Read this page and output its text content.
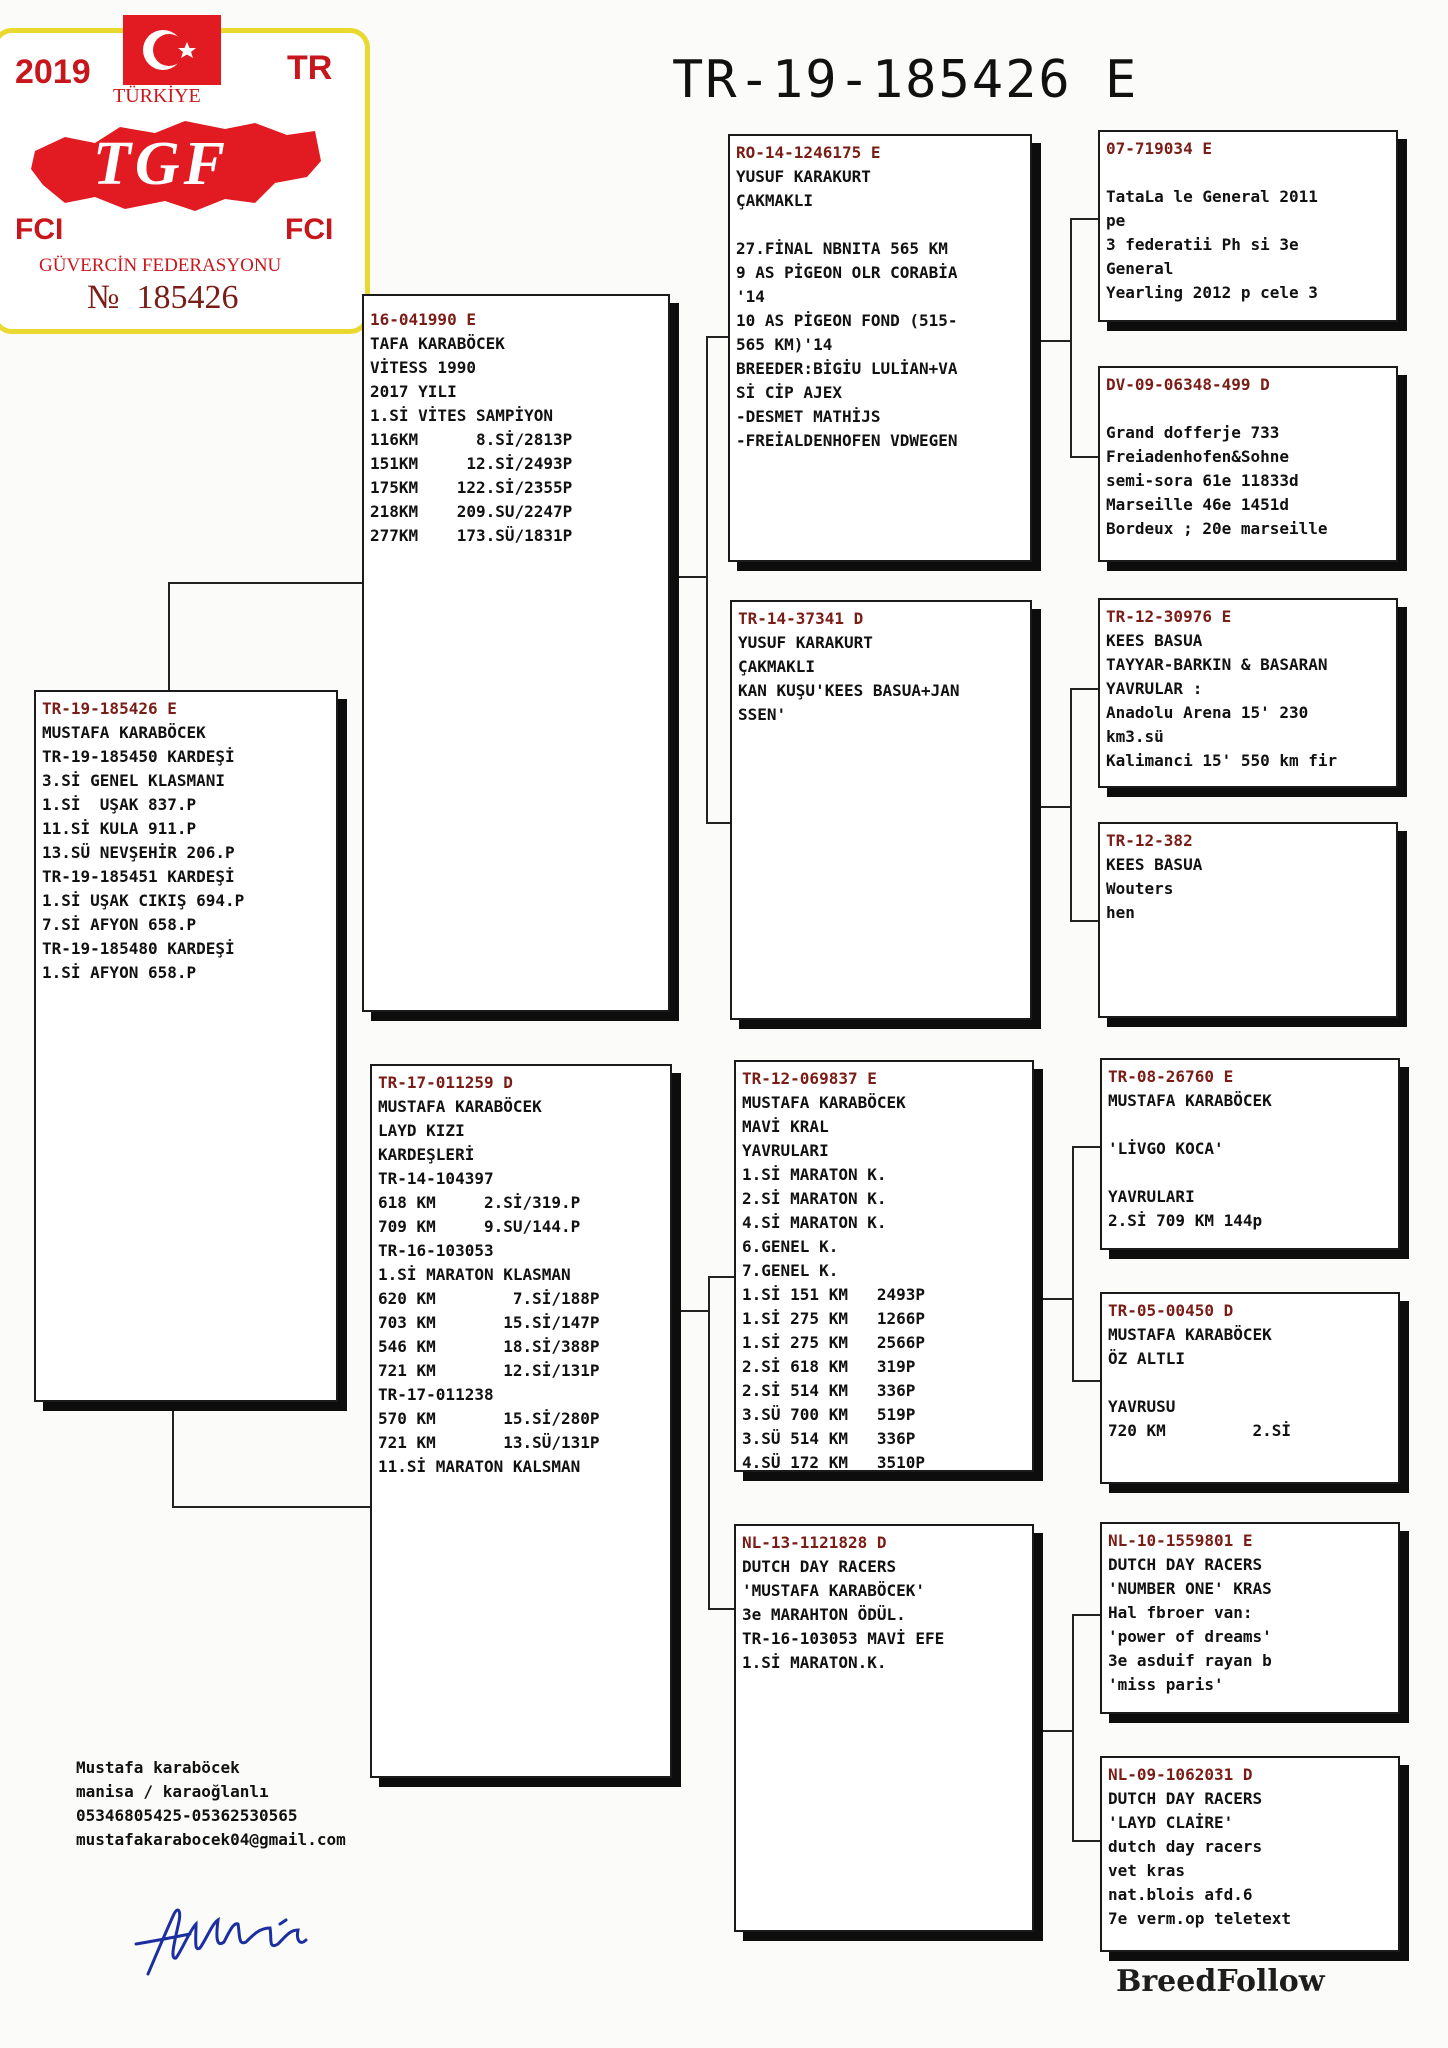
2019	TR
TÜRKİYE
TGF
FCI	FCI
GÜVERCİN FEDERASYONU
№  185426
TR-19-185426 E
TR-19-185426 E
MUSTAFA KARABÖCEK
TR-19-185450 KARDEŞİ
3.Sİ GENEL KLASMANI
1.Sİ  UŞAK 837.P
11.Sİ KULA 911.P
13.SÜ NEVŞEHİR 206.P
TR-19-185451 KARDEŞİ
1.Sİ UŞAK CIKIŞ 694.P
7.Sİ AFYON 658.P
TR-19-185480 KARDEŞİ
1.Sİ AFYON 658.P
16-041990 E
TAFA KARABÖCEK
VİTESS 1990
2017 YILI
1.Sİ VİTES SAMPİYON
116KM      8.Sİ/2813P
151KM     12.Sİ/2493P
175KM    122.Sİ/2355P
218KM    209.SU/2247P
277KM    173.SÜ/1831P
TR-17-011259 D
MUSTAFA KARABÖCEK
LAYD KIZI
KARDEŞLERİ
TR-14-104397
618 KM     2.Sİ/319.P
709 KM     9.SU/144.P
TR-16-103053
1.Sİ MARATON KLASMAN
620 KM        7.Sİ/188P
703 KM       15.Sİ/147P
546 KM       18.Sİ/388P
721 KM       12.Sİ/131P
TR-17-011238
570 KM       15.Sİ/280P
721 KM       13.SÜ/131P
11.Sİ MARATON KALSMAN
RO-14-1246175 E
YUSUF KARAKURT
ÇAKMAKLI
27.FİNAL NBNITA 565 KM
9 AS PİGEON OLR CORABİA
'14
10 AS PİGEON FOND (515-
565 KM)'14
BREEDER:BİGİU LULİAN+VA
Sİ CİP AJEX
-DESMET MATHİJS
-FREİALDENHOFEN VDWEGEN
TR-14-37341 D
YUSUF KARAKURT
ÇAKMAKLI
KAN KUŞU'KEES BASUA+JAN
SSEN'
TR-12-069837 E
MUSTAFA KARABÖCEK
MAVİ KRAL
YAVRULARI
1.Sİ MARATON K.
2.Sİ MARATON K.
4.Sİ MARATON K.
6.GENEL K.
7.GENEL K.
1.Sİ 151 KM   2493P
1.Sİ 275 KM   1266P
1.Sİ 275 KM   2566P
2.Sİ 618 KM   319P
2.Sİ 514 KM   336P
3.SÜ 700 KM   519P
3.SÜ 514 KM   336P
4.SÜ 172 KM   3510P
NL-13-1121828 D
DUTCH DAY RACERS
'MUSTAFA KARABÖCEK'
3e MARAHTON ÖDÜL.
TR-16-103053 MAVİ EFE
1.Sİ MARATON.K.
07-719034 E
TataLa le General 2011
pe
3 federatii Ph si 3e
General
Yearling 2012 p cele 3
DV-09-06348-499 D
Grand dofferje 733
Freiadenhofen&Sohne
semi-sora 61e 11833d
Marseille 46e 1451d
Bordeux ; 20e marseille
TR-12-30976 E
KEES BASUA
TAYYAR-BARKIN & BASARAN
YAVRULAR :
Anadolu Arena 15' 230
km3.sü
Kalimanci 15' 550 km fir
TR-12-382
KEES BASUA
Wouters
hen
TR-08-26760 E
MUSTAFA KARABÖCEK
'LİVGO KOCA'
YAVRULARI
2.Sİ 709 KM 144p
TR-05-00450 D
MUSTAFA KARABÖCEK
ÖZ ALTLI
YAVRUSU
720 KM         2.Sİ
NL-10-1559801 E
DUTCH DAY RACERS
'NUMBER ONE' KRAS
Hal fbroer van:
'power of dreams'
3e asduif rayan b
'miss paris'
NL-09-1062031 D
DUTCH DAY RACERS
'LAYD CLAİRE'
dutch day racers
vet kras
nat.blois afd.6
7e verm.op teletext
Mustafa karaböcek
manisa / karaoğlanlı
05346805425-05362530565
mustafakarabocek04@gmail.com
BreedFollow
